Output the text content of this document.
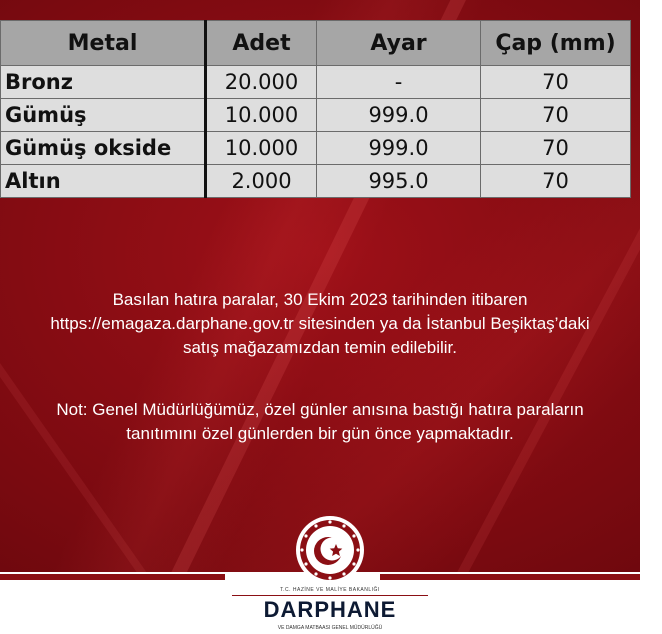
Metal	Adet	Ayar	Çap (mm)
Bronz	20.000	-	70
Gümüş	10.000	999.0	70
Gümüş okside	10.000	999.0	70
Altın	2.000	995.0	70

Basılan hatıra paralar, 30 Ekim 2023 tarihinden itibaren

https://emagaza.darphane.gov.tr sitesinden ya da İstanbul Beşiktaş’daki

satış mağazamızdan temin edilebilir.

Not: Genel Müdürlüğümüz, özel günler anısına bastığı hatıra paraların

tanıtımını özel günlerden bir gün önce yapmaktadır.

T.C. HAZİNE VE MALİYE BAKANLIĞI
DARPHANE
VE DAMGA MATBAASI GENEL MÜDÜRLÜĞÜ
